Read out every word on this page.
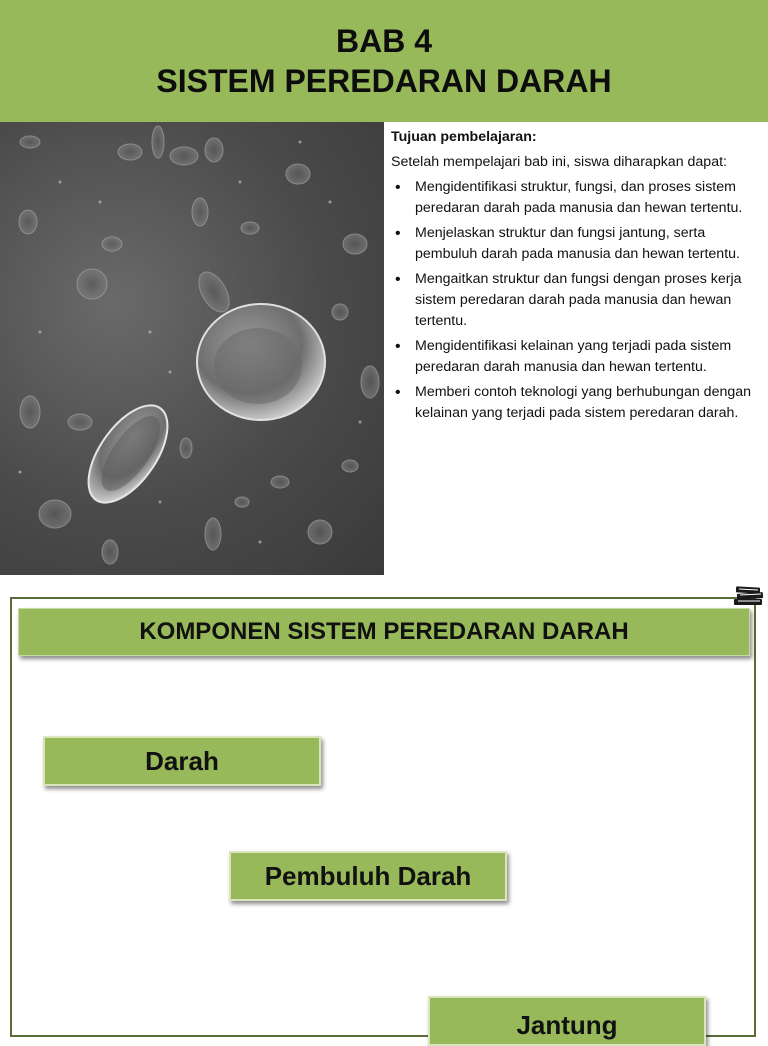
BAB 4
SISTEM PEREDARAN DARAH
Tujuan pembelajaran:
Setelah mempelajari bab ini, siswa diharapkan dapat:
• Mengidentifikasi struktur, fungsi, dan proses sistem peredaran darah pada manusia dan hewan tertentu.
• Menjelaskan struktur dan fungsi jantung, serta pembuluh darah pada manusia dan hewan tertentu.
• Mengaitkan struktur dan fungsi dengan proses kerja sistem peredaran darah pada manusia dan hewan tertentu.
• Mengidentifikasi kelainan yang terjadi pada sistem peredaran darah manusia dan hewan tertentu.
• Memberi contoh teknologi yang berhubungan dengan kelainan yang terjadi pada sistem peredaran darah.
KOMPONEN SISTEM PEREDARAN DARAH
Darah
Pembuluh Darah
Jantung
